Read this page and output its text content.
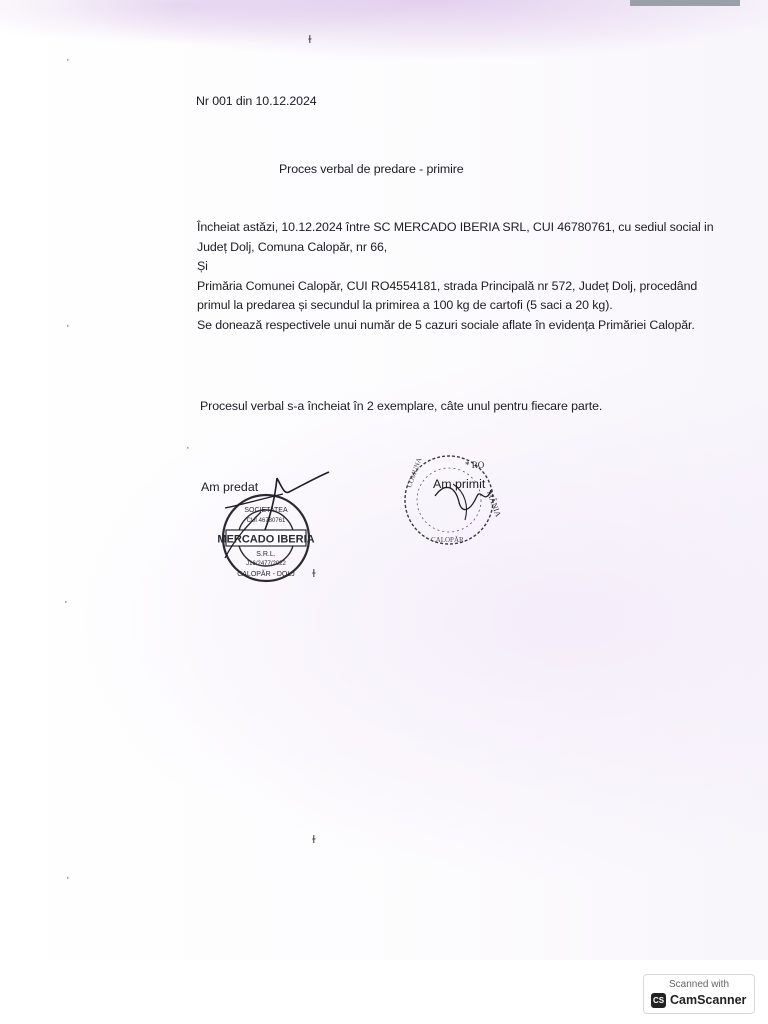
ɫ
·
·
·
·
ɫ
ɫ
·
Nr 001 din 10.12.2024
Proces verbal de predare - primire
Încheiat astăzi, 10.12.2024 între SC MERCADO IBERIA SRL, CUI 46780761, cu sediul social in
Județ Dolj, Comuna Calopăr, nr 66,
Și
Primăria Comunei Calopăr, CUI RO4554181, strada Principală nr 572, Județ Dolj, procedând
primul la predarea și secundul la primirea a 100 kg de cartofi (5 saci a 20 kg).
Se donează respectivele unui număr de 5 cazuri sociale aflate în evidența Primăriei Calopăr.
Procesul verbal s-a încheiat în 2 exemplare, câte unul pentru fiecare parte.
Am predat
MERCADO IBERIA
S.R.L.
J16/2477/2022
SOCIETATEA
CUI 46780761
CALOPĂR - DOLJ
* RO
MÂNIA
COMUNA
CALOPĂR
Am primit
Scanned with
CS CamScanner
